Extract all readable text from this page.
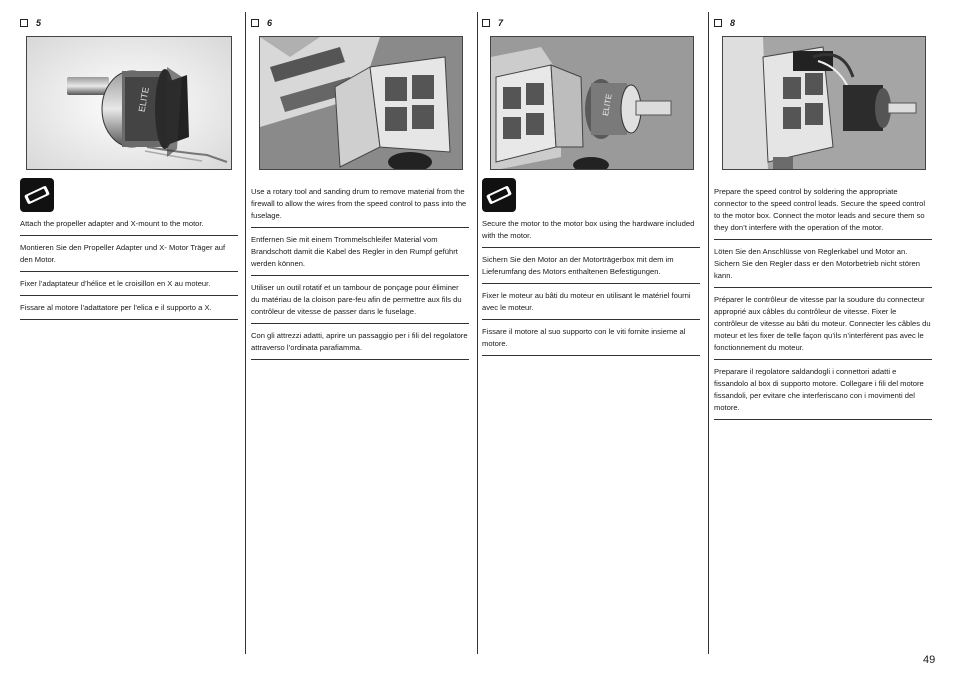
5
ELITE
Attach the propeller adapter and X-mount to the motor.
Montieren Sie den Propeller Adapter und X- Motor Träger auf den Motor.
Fixer l’adaptateur d’hélice et le croisillon en X au moteur.
Fissare al motore l’adattatore per l’elica e il supporto a X.
6
Use a rotary tool and sanding drum to remove material from the firewall to allow the wires from the speed control to pass into the fuselage.
Entfernen Sie mit einem Trommelschleifer Material vom Brandschott damit die Kabel des Regler in den Rumpf geführt werden können.
Utiliser un outil rotatif et un tambour de ponçage pour éliminer du matériau de la cloison pare-feu afin de permettre aux fils du contrôleur de vitesse de passer dans le fuselage.
Con gli attrezzi adatti, aprire un passaggio per i fili del regolatore attraverso l’ordinata parafiamma.
7
ELITE
Secure the motor to the motor box using the hardware included with the motor.
Sichern Sie den Motor an der Motorträgerbox mit dem im Lieferumfang des Motors enthaltenen Befestigungen.
Fixer le moteur au bâti du moteur en utilisant le matériel fourni avec le moteur.
Fissare il motore al suo supporto con le viti fornite insieme al motore.
8
Prepare the speed control by soldering the appropriate connector to the speed control leads. Secure the speed control to the motor box. Connect the motor leads and secure them so they don’t interfere with the operation of the motor.
Löten Sie den Anschlüsse von Reglerkabel und Motor an. Sichern Sie den Regler dass er den Motorbetrieb nicht stören kann.
Préparer le contrôleur de vitesse par la soudure du connecteur approprié aux câbles du contrôleur de vitesse. Fixer le contrôleur de vitesse au bâti du moteur. Connecter les câbles du moteur et les fixer de telle façon qu’ils n’interfèrent pas avec le fonctionnement du moteur.
Preparare il regolatore saldandogli i connettori adatti e fissandolo al box di supporto motore. Collegare i fili del motore fissandoli, per evitare che interferiscano con i movimenti del motore.
49
